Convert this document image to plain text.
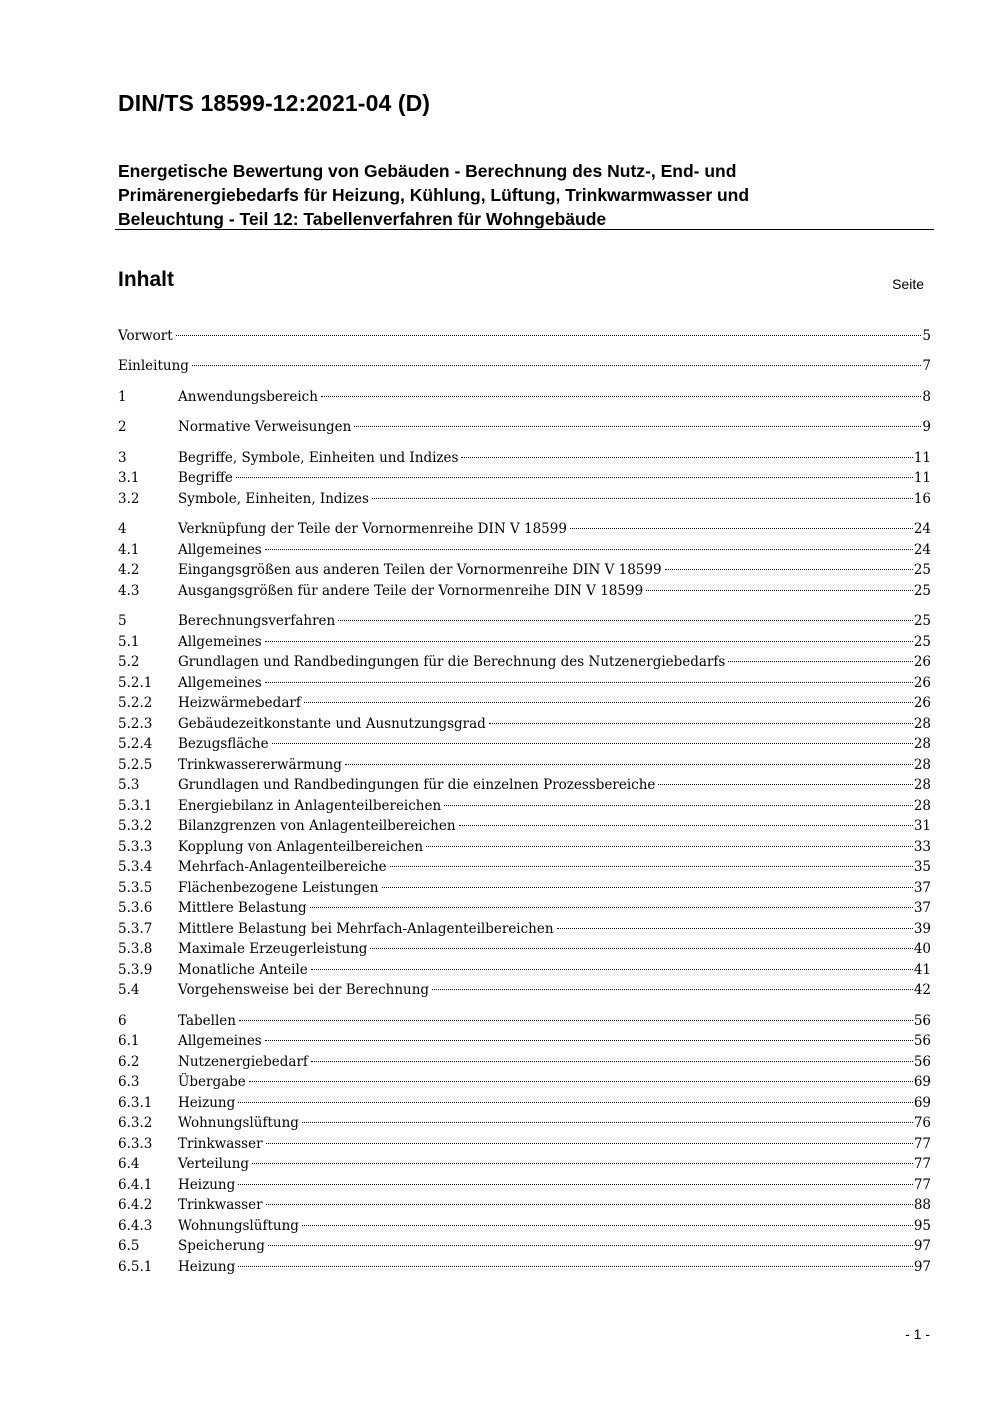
DIN/TS 18599-12:2021-04 (D)
Energetische Bewertung von Gebäuden - Berechnung des Nutz-, End- und
Primärenergiebedarfs für Heizung, Kühlung, Lüftung, Trinkwarmwasser und
Beleuchtung - Teil 12: Tabellenverfahren für Wohngebäude
Inhalt	Seite
Vorwort	5
Einleitung	7
1	Anwendungsbereich	8
2	Normative Verweisungen	9
3	Begriffe, Symbole, Einheiten und Indizes	11
3.1	Begriffe	11
3.2	Symbole, Einheiten, Indizes	16
4	Verknüpfung der Teile der Vornormenreihe DIN V 18599	24
4.1	Allgemeines	24
4.2	Eingangsgrößen aus anderen Teilen der Vornormenreihe DIN V 18599	25
4.3	Ausgangsgrößen für andere Teile der Vornormenreihe DIN V 18599	25
5	Berechnungsverfahren	25
5.1	Allgemeines	25
5.2	Grundlagen und Randbedingungen für die Berechnung des Nutzenergiebedarfs	26
5.2.1	Allgemeines	26
5.2.2	Heizwärmebedarf	26
5.2.3	Gebäudezeitkonstante und Ausnutzungsgrad	28
5.2.4	Bezugsfläche	28
5.2.5	Trinkwassererwärmung	28
5.3	Grundlagen und Randbedingungen für die einzelnen Prozessbereiche	28
5.3.1	Energiebilanz in Anlagenteilbereichen	28
5.3.2	Bilanzgrenzen von Anlagenteilbereichen	31
5.3.3	Kopplung von Anlagenteilbereichen	33
5.3.4	Mehrfach-Anlagenteilbereiche	35
5.3.5	Flächenbezogene Leistungen	37
5.3.6	Mittlere Belastung	37
5.3.7	Mittlere Belastung bei Mehrfach-Anlagenteilbereichen	39
5.3.8	Maximale Erzeugerleistung	40
5.3.9	Monatliche Anteile	41
5.4	Vorgehensweise bei der Berechnung	42
6	Tabellen	56
6.1	Allgemeines	56
6.2	Nutzenergiebedarf	56
6.3	Übergabe	69
6.3.1	Heizung	69
6.3.2	Wohnungslüftung	76
6.3.3	Trinkwasser	77
6.4	Verteilung	77
6.4.1	Heizung	77
6.4.2	Trinkwasser	88
6.4.3	Wohnungslüftung	95
6.5	Speicherung	97
6.5.1	Heizung	97
- 1 -
